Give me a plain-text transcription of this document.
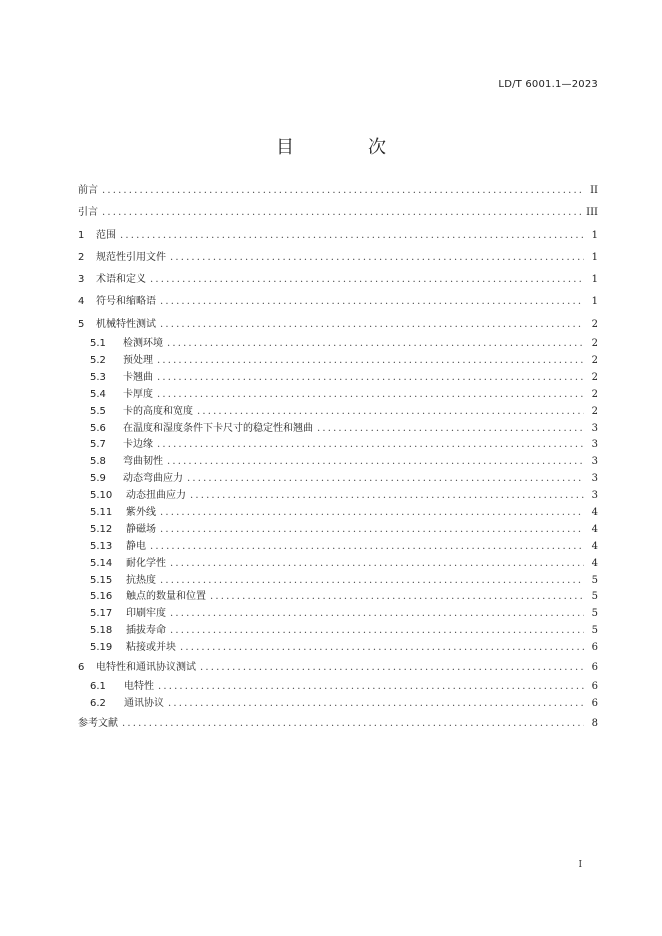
LD/T 6001.1—2023
目　次
前言 . . .	II
引言 . . .	III
1	范围 . . .	1
2	规范性引用文件 . . .	1
3	术语和定义 . . .	1
4	符号和缩略语 . . .	1
5	机械特性测试 . . .	2
5.1	检测环境 . . .	2
5.2	预处理 . . .	2
5.3	卡翘曲 . . .	2
5.4	卡厚度 . . .	2
5.5	卡的高度和宽度 . . .	2
5.6	在温度和湿度条件下卡尺寸的稳定性和翘曲 . . .	3
5.7	卡边缘 . . .	3
5.8	弯曲韧性 . . .	3
5.9	动态弯曲应力 . . .	3
5.10	动态扭曲应力 . . .	3
5.11	紫外线 . . .	4
5.12	静磁场 . . .	4
5.13	静电 . . .	4
5.14	耐化学性 . . .	4
5.15	抗热度 . . .	5
5.16	触点的数量和位置 . . .	5
5.17	印刷牢度 . . .	5
5.18	插拔寿命 . . .	5
5.19	粘接或并块 . . .	6
6	电特性和通讯协议测试 . . .	6
6.1	电特性 . . .	6
6.2	通讯协议 . . .	6
参考文献 . . .	8
I
